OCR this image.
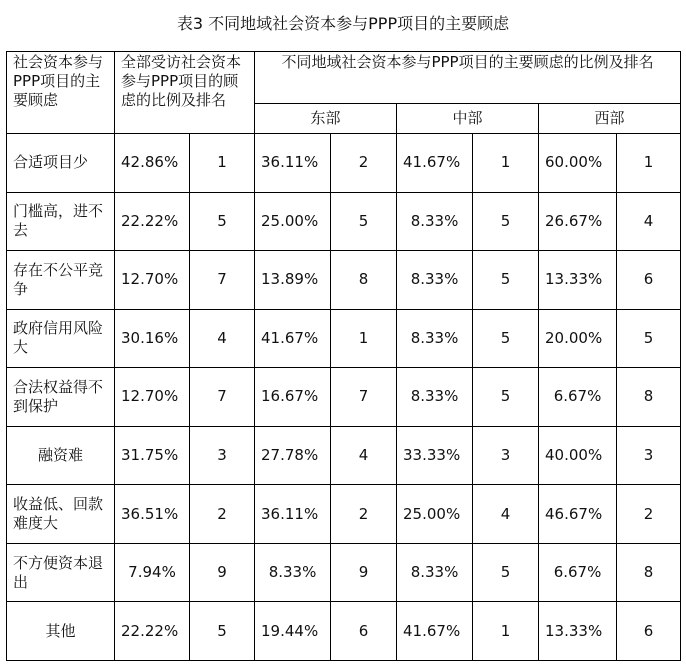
表3 不同地域社会资本参与PPP项目的主要顾虑
社会资本参与PPP项目的主要顾虑	全部受访社会资本参与PPP项目的顾虑的比例及排名		不同地域社会资本参与PPP项目的主要顾虑的比例及排名					
			东部		中部		西部	
合适项目少	42.86%	1	36.11%	2	41.67%	1	60.00%	1
门槛高，进不去	22.22%	5	25.00%	5	8.33%	5	26.67%	4
存在不公平竞争	12.70%	7	13.89%	8	8.33%	5	13.33%	6
政府信用风险大	30.16%	4	41.67%	1	8.33%	5	20.00%	5
合法权益得不到保护	12.70%	7	16.67%	7	8.33%	5	6.67%	8
融资难	31.75%	3	27.78%	4	33.33%	3	40.00%	3
收益低、回款难度大	36.51%	2	36.11%	2	25.00%	4	46.67%	2
不方便资本退出	7.94%	9	8.33%	9	8.33%	5	6.67%	8
其他	22.22%	5	19.44%	6	41.67%	1	13.33%	6
